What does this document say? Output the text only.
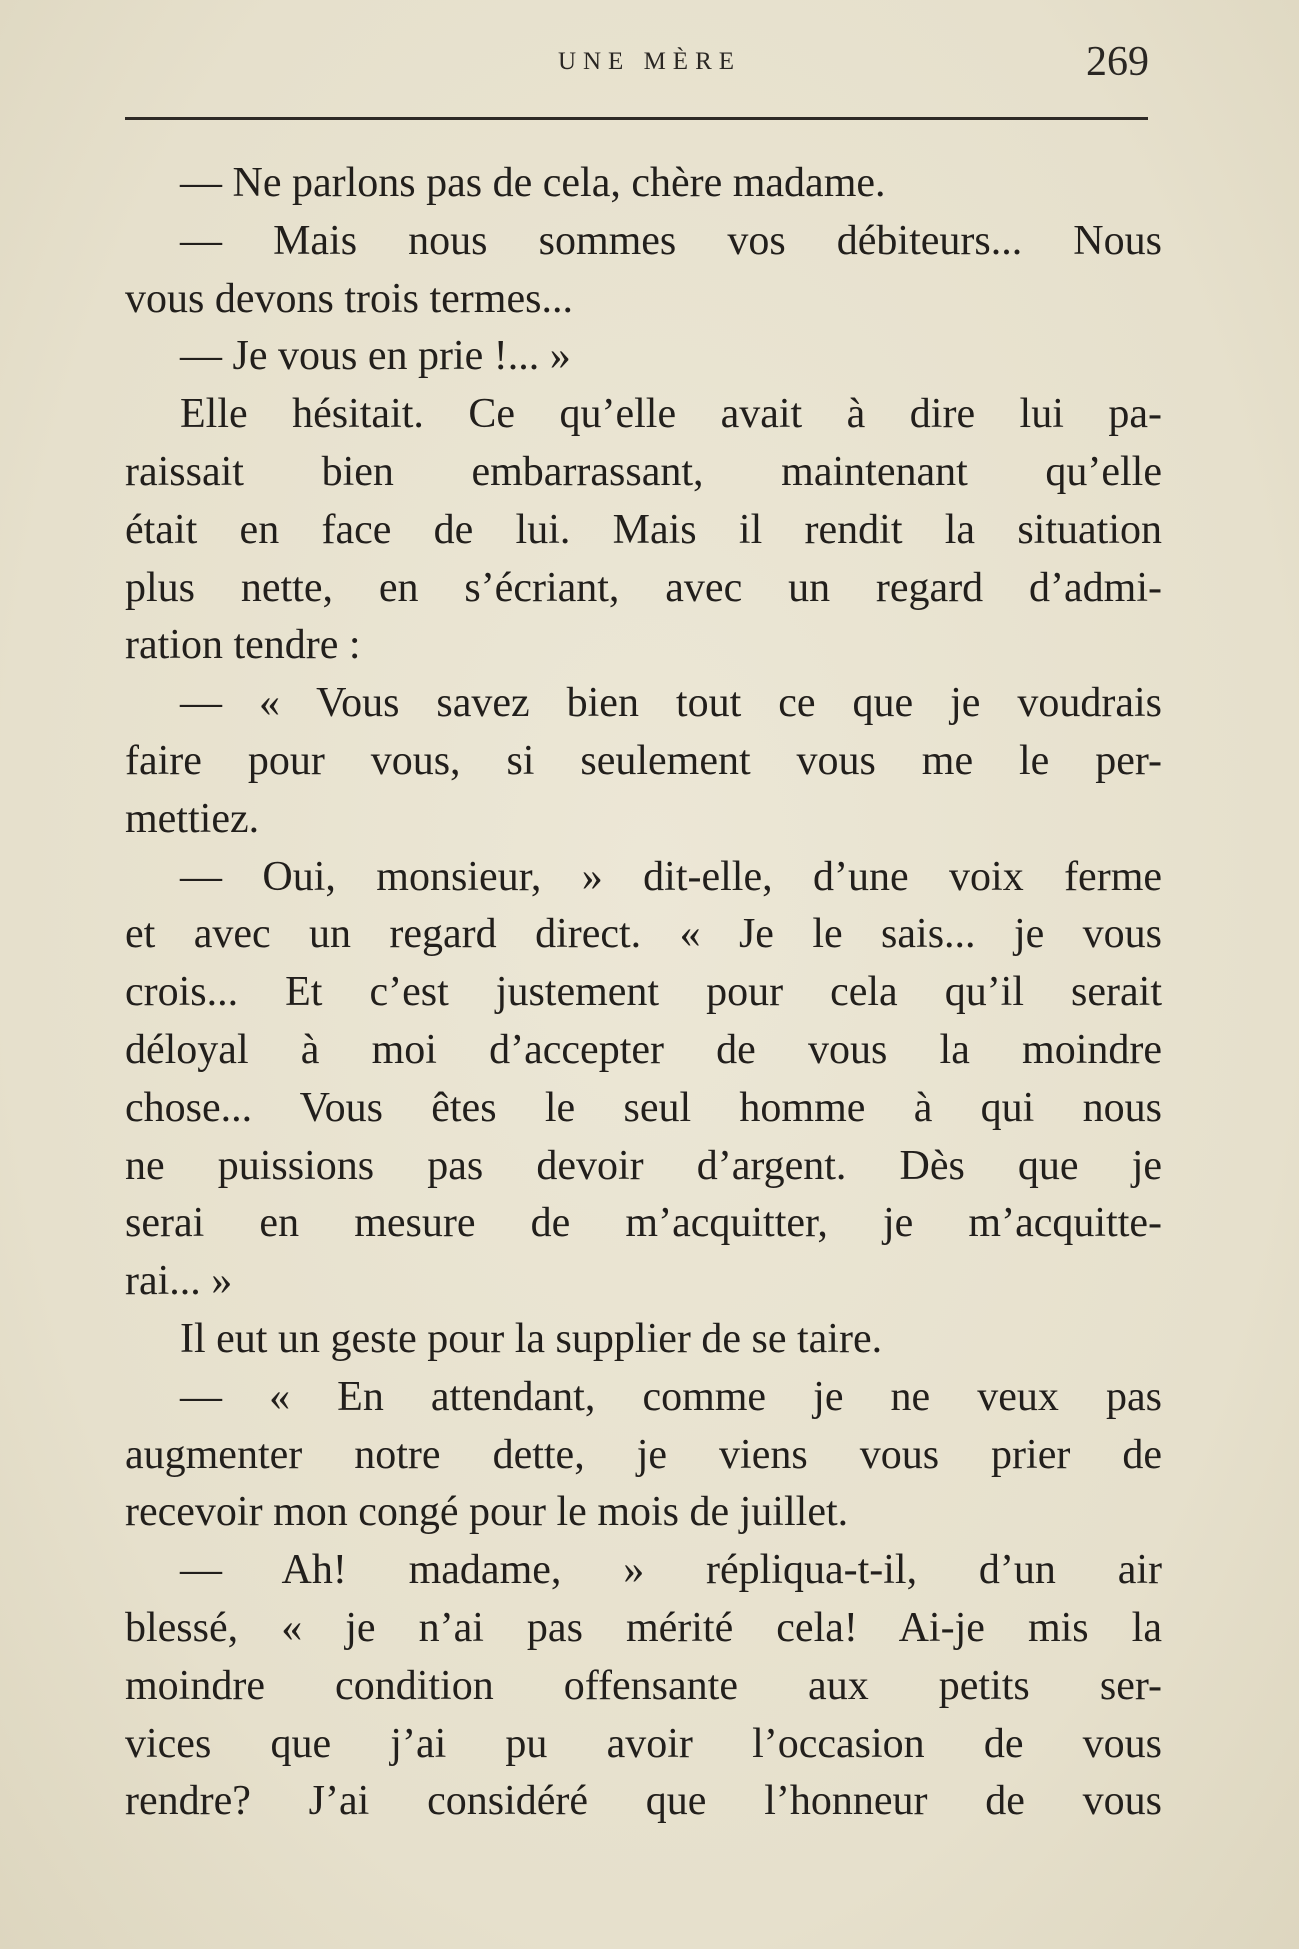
UNE MÈRE	269
— Ne parlons pas de cela, chère madame.
— Mais nous sommes vos débiteurs... Nous
vous devons trois termes...
— Je vous en prie !... »
Elle hésitait. Ce qu’elle avait à dire lui pa-
raissait bien embarrassant, maintenant qu’elle
était en face de lui. Mais il rendit la situation
plus nette, en s’écriant, avec un regard d’admi-
ration tendre :
— « Vous savez bien tout ce que je voudrais
faire pour vous, si seulement vous me le per-
mettiez.
— Oui, monsieur, » dit-elle, d’une voix ferme
et avec un regard direct. « Je le sais... je vous
crois... Et c’est justement pour cela qu’il serait
déloyal à moi d’accepter de vous la moindre
chose... Vous êtes le seul homme à qui nous
ne puissions pas devoir d’argent. Dès que je
serai en mesure de m’acquitter, je m’acquitte-
rai... »
Il eut un geste pour la supplier de se taire.
— « En attendant, comme je ne veux pas
augmenter notre dette, je viens vous prier de
recevoir mon congé pour le mois de juillet.
— Ah! madame, » répliqua-t-il, d’un air
blessé, « je n’ai pas mérité cela! Ai-je mis la
moindre condition offensante aux petits ser-
vices que j’ai pu avoir l’occasion de vous
rendre? J’ai considéré que l’honneur de vous
